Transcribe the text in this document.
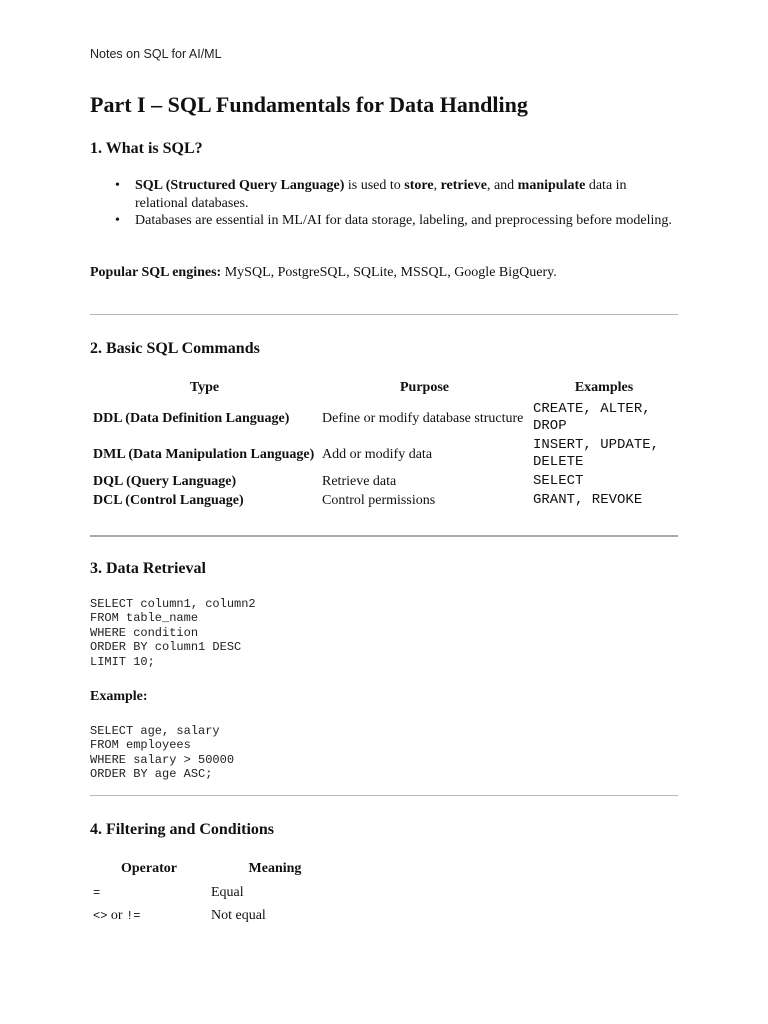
Notes on SQL for AI/ML
Part I – SQL Fundamentals for Data Handling
1. What is SQL?
• SQL (Structured Query Language) is used to store, retrieve, and manipulate data in relational databases.
• Databases are essential in ML/AI for data storage, labeling, and preprocessing before modeling.
Popular SQL engines: MySQL, PostgreSQL, SQLite, MSSQL, Google BigQuery.
2. Basic SQL Commands
Type	Purpose	Examples
DDL (Data Definition Language)	Define or modify database structure	CREATE, ALTER, DROP
DML (Data Manipulation Language)	Add or modify data	INSERT, UPDATE, DELETE
DQL (Query Language)	Retrieve data	SELECT
DCL (Control Language)	Control permissions	GRANT, REVOKE
3. Data Retrieval
SELECT column1, column2
FROM table_name
WHERE condition
ORDER BY column1 DESC
LIMIT 10;
Example:
SELECT age, salary
FROM employees
WHERE salary > 50000
ORDER BY age ASC;
4. Filtering and Conditions
Operator	Meaning
=	Equal
<> or !=	Not equal
